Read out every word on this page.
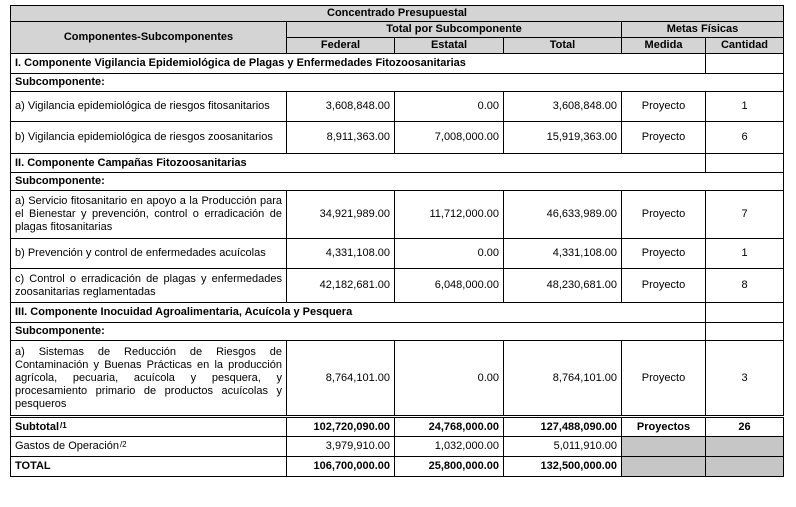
Concentrado Presupuestal					
Componentes-Subcomponentes	Total por Subcomponente			Metas Físicas	
	Federal	Estatal	Total	Medida	Cantidad
I. Componente Vigilancia Epidemiológica de Plagas y Enfermedades Fitozoosanitarias					
Subcomponente:					
a) Vigilancia epidemiológica de riesgos fitosanitarios	3,608,848.00	0.00	3,608,848.00	Proyecto	1
b) Vigilancia epidemiológica de riesgos zoosanitarios	8,911,363.00	7,008,000.00	15,919,363.00	Proyecto	6
II. Componente Campañas Fitozoosanitarias					
Subcomponente:					
a) Servicio fitosanitario en apoyo a la Producción para el Bienestar y prevención, control o erradicación de plagas fitosanitarias	34,921,989.00	11,712,000.00	46,633,989.00	Proyecto	7
b) Prevención y control de enfermedades acuícolas	4,331,108.00	0.00	4,331,108.00	Proyecto	1
c) Control o erradicación de plagas y enfermedades zoosanitarias reglamentadas	42,182,681.00	6,048,000.00	48,230,681.00	Proyecto	8
III. Componente Inocuidad Agroalimentaria, Acuícola y Pesquera					
Subcomponente:					
a) Sistemas de Reducción de Riesgos de Contaminación y Buenas Prácticas en la producción agrícola, pecuaria, acuícola y pesquera, y procesamiento primario de productos acuícolas y pesqueros	8,764,101.00	0.00	8,764,101.00	Proyecto	3
Subtotal$^{/1}$	102,720,090.00	24,768,000.00	127,488,090.00	Proyectos	26
Gastos de Operación$^{/2}$	3,979,910.00	1,032,000.00	5,011,910.00		
TOTAL	106,700,000.00	25,800,000.00	132,500,000.00		
